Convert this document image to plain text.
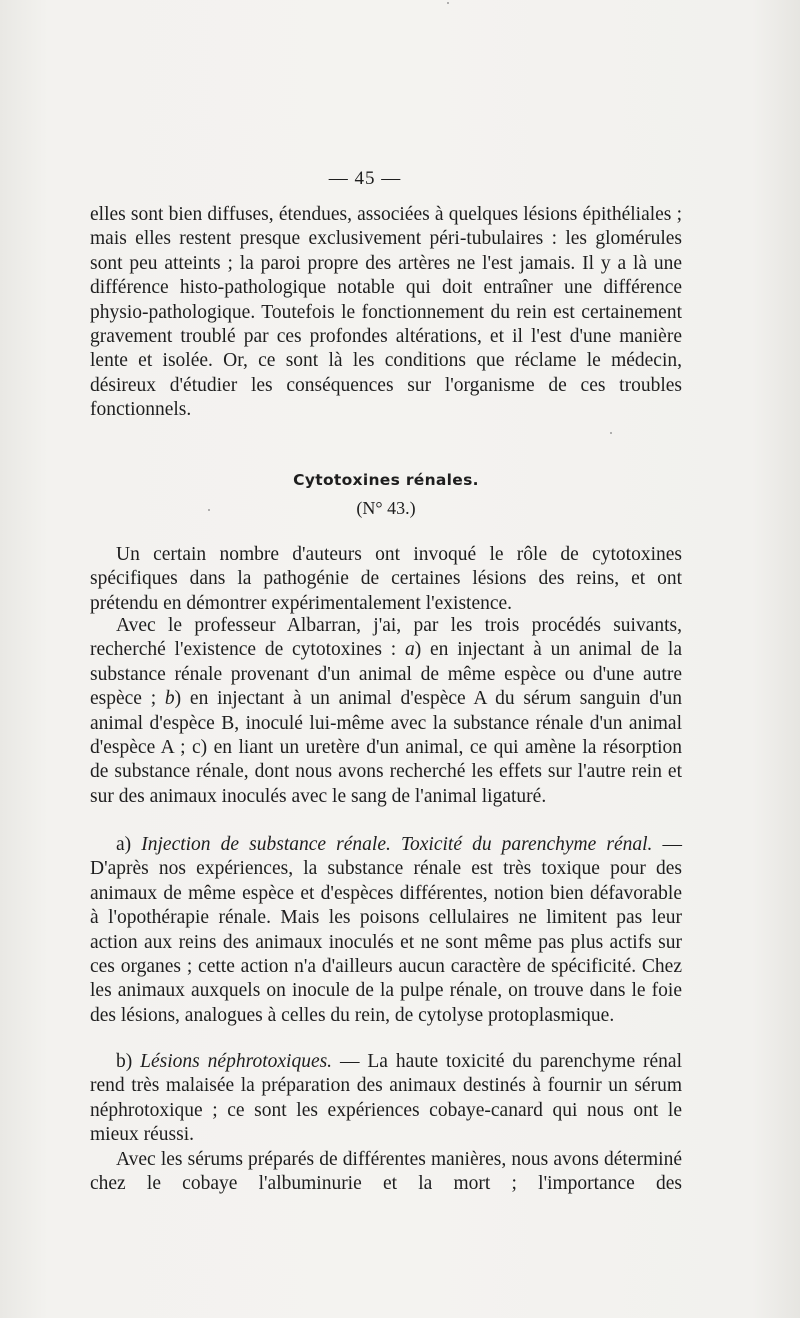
— 45 —

elles sont bien diffuses, étendues, associées à quelques lésions épithéliales ; mais elles restent presque exclusivement péri-tubulaires : les glomérules sont peu atteints ; la paroi propre des artères ne l'est jamais. Il y a là une différence histo-pathologique notable qui doit entraîner une différence physio-pathologique. Toutefois le fonctionnement du rein est certainement gravement troublé par ces profondes altérations, et il l'est d'une manière lente et isolée. Or, ce sont là les conditions que réclame le médecin, désireux d'étudier les conséquences sur l'organisme de ces troubles fonctionnels.

Cytotoxines rénales.
(N° 43.)

Un certain nombre d'auteurs ont invoqué le rôle de cytotoxines spécifiques dans la pathogénie de certaines lésions des reins, et ont prétendu en démontrer expérimentalement l'existence.

Avec le professeur Albarran, j'ai, par les trois procédés suivants, recherché l'existence de cytotoxines : a) en injectant à un animal de la substance rénale provenant d'un animal de même espèce ou d'une autre espèce ; b) en injectant à un animal d'espèce A du sérum sanguin d'un animal d'espèce B, inoculé lui-même avec la substance rénale d'un animal d'espèce A ; c) en liant un uretère d'un animal, ce qui amène la résorption de substance rénale, dont nous avons recherché les effets sur l'autre rein et sur des animaux inoculés avec le sang de l'animal ligaturé.

a) Injection de substance rénale. Toxicité du parenchyme rénal. — D'après nos expériences, la substance rénale est très toxique pour des animaux de même espèce et d'espèces différentes, notion bien défavorable à l'opothérapie rénale. Mais les poisons cellulaires ne limitent pas leur action aux reins des animaux inoculés et ne sont même pas plus actifs sur ces organes ; cette action n'a d'ailleurs aucun caractère de spécificité. Chez les animaux auxquels on inocule de la pulpe rénale, on trouve dans le foie des lésions, analogues à celles du rein, de cytolyse protoplasmique.

b) Lésions néphrotoxiques. — La haute toxicité du parenchyme rénal rend très malaisée la préparation des animaux destinés à fournir un sérum néphrotoxique ; ce sont les expériences cobaye-canard qui nous ont le mieux réussi.

Avec les sérums préparés de différentes manières, nous avons déterminé chez le cobaye l'albuminurie et la mort ; l'importance des
